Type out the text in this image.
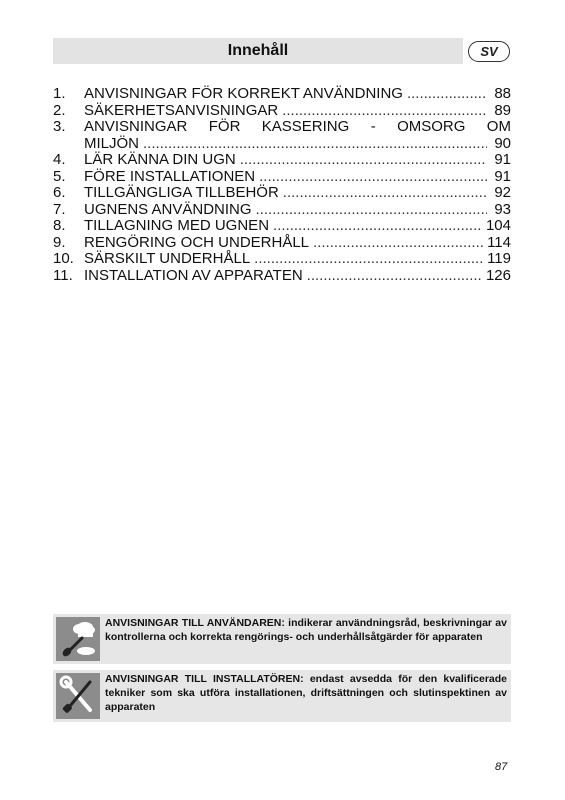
Innehåll	SV
1.	ANVISNINGAR FÖR KORREKT ANVÄNDNING .....	88
2.	SÄKERHETSANVISNINGAR .....	89
3.	ANVISNINGAR FÖR KASSERING - OMSORG OM
MILJÖN .....	90
4.	LÄR KÄNNA DIN UGN .....	91
5.	FÖRE INSTALLATIONEN .....	91
6.	TILLGÄNGLIGA TILLBEHÖR .....	92
7.	UGNENS ANVÄNDNING .....	93
8.	TILLAGNING MED UGNEN .....	104
9.	RENGÖRING OCH UNDERHÅLL .....	114
10. SÄRSKILT UNDERHÅLL .....	119
11. INSTALLATION AV APPARATEN .....	126
ANVISNINGAR TILL ANVÄNDAREN: indikerar användningsråd, beskrivningar av kontrollerna och korrekta rengörings- och underhållsåtgärder för apparaten
ANVISNINGAR TILL INSTALLATÖREN: endast avsedda för den kvalificerade tekniker som ska utföra installationen, driftsättningen och slutinspektinen av apparaten
87
